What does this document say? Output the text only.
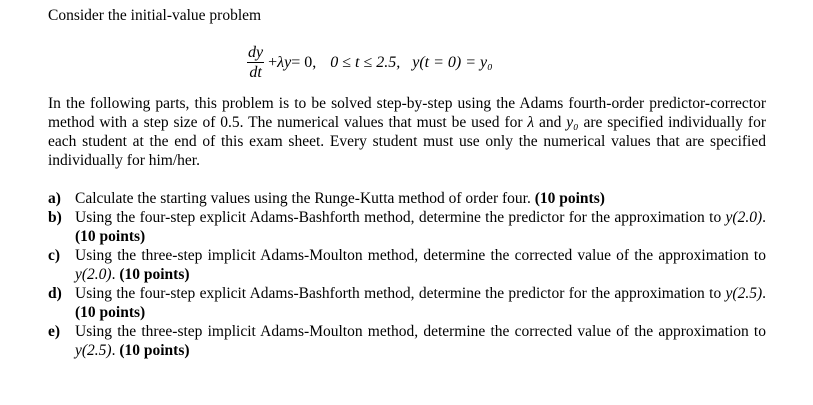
Consider the initial-value problem
$\frac{dy}{dt} + \lambda$ y = 0, 0 ≤ t ≤ 2.5, y(t = 0) = y₀
In the following parts, this problem is to be solved step-by-step using the Adams fourth-order predictor-corrector method with a step size of 0.5. The numerical values that must be used for λ and y₀ are specified individually for each student at the end of this exam sheet. Every student must use only the numerical values that are specified individually for him/her.
a) Calculate the starting values using the Runge-Kutta method of order four. (10 points)
b) Using the four-step explicit Adams-Bashforth method, determine the predictor for the approximation to y(2.0). (10 points)
c) Using the three-step implicit Adams-Moulton method, determine the corrected value of the approximation to y(2.0). (10 points)
d) Using the four-step explicit Adams-Bashforth method, determine the predictor for the approximation to y(2.5). (10 points)
e) Using the three-step implicit Adams-Moulton method, determine the corrected value of the approximation to y(2.5). (10 points)
